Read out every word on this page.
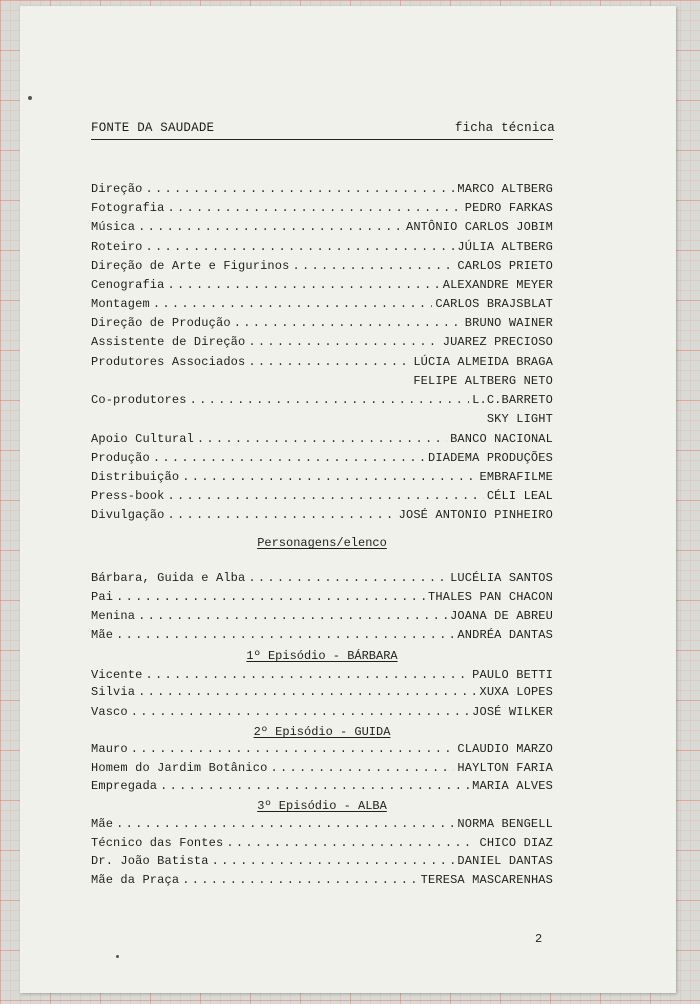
FONTE DA SAUDADE	ficha técnica
Direção .....	MARCO ALTBERG
Fotografia .....	PEDRO FARKAS
Música .....	ANTÔNIO CARLOS JOBIM
Roteiro .....	JÚLIA ALTBERG
Direção de Arte e Figurinos .....	CARLOS PRIETO
Cenografia .....	ALEXANDRE MEYER
Montagem .....	CARLOS BRAJSBLAT
Direção de Produção .....	BRUNO WAINER
Assistente de Direção .....	JUAREZ PRECIOSO
Produtores Associados .....	LÚCIA ALMEIDA BRAGA
FELIPE ALTBERG NETO
Co-produtores .....	L.C.BARRETO
SKY LIGHT
Apoio Cultural .....	BANCO NACIONAL
Produção .....	DIADEMA PRODUÇÕES
Distribuição .....	EMBRAFILME
Press-book .....	CÉLI LEAL
Divulgação .....	JOSÉ ANTONIO PINHEIRO
Personagens/elenco
Bárbara, Guida e Alba .....	LUCÉLIA SANTOS
Pai .....	THALES PAN CHACON
Menina .....	JOANA DE ABREU
Mãe .....	ANDRÉA DANTAS
1º Episódio - BÁRBARA
Vicente .....	PAULO BETTI
Silvia .....	XUXA LOPES
Vasco .....	JOSÉ WILKER
2º Episódio - GUIDA
Mauro .....	CLAUDIO MARZO
Homem do Jardim Botânico .....	HAYLTON FARIA
Empregada .....	MARIA ALVES
3º Episódio - ALBA
Mãe .....	NORMA BENGELL
Técnico das Fontes .....	CHICO DIAZ
Dr. João Batista .....	DANIEL DANTAS
Mãe da Praça .....	TERESA MASCARENHAS
2
